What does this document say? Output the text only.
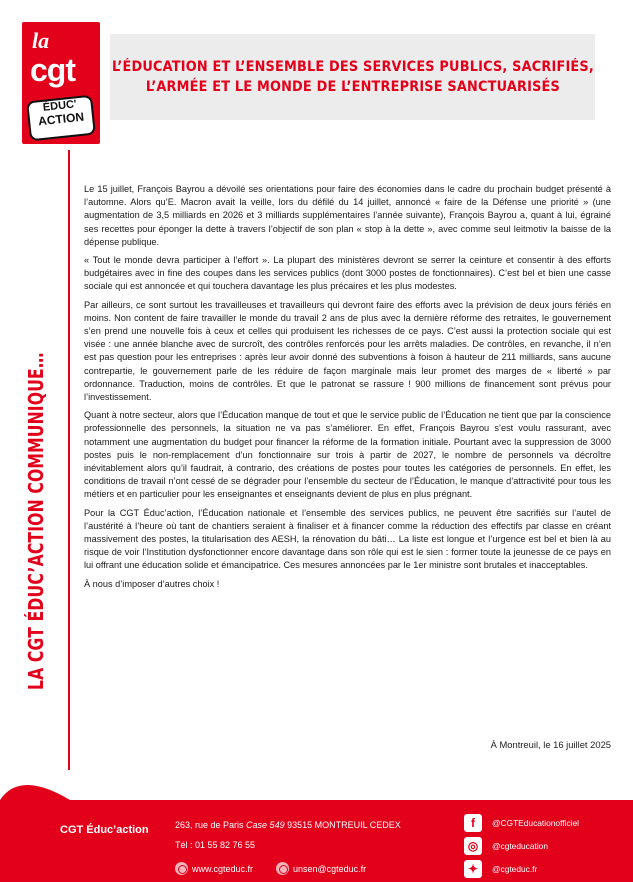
la
cgt
ÉDUC'
ACTION
L’ÉDUCATION ET L’ENSEMBLE DES SERVICES PUBLICS, SACRIFIÉS,
L’ARMÉE ET LE MONDE DE L’ENTREPRISE SANCTUARISÉS
LA CGT ÉDUC’ACTION COMMUNIQUE…

Le 15 juillet, François Bayrou a dévoilé ses orientations pour faire des économies dans le cadre du prochain budget présenté à l’automne. Alors qu’E. Macron avait la veille, lors du défilé du 14 juillet, annoncé « faire de la Défense une priorité » (une augmentation de 3,5 milliards en 2026 et 3 milliards supplémentaires l’année suivante), François Bayrou a, quant à lui, égrainé ses recettes pour éponger la dette à travers l’objectif de son plan « stop à la dette », avec comme seul leitmotiv la baisse de la dépense publique.

« Tout le monde devra participer à l’effort ». La plupart des ministères devront se serrer la ceinture et consentir à des efforts budgétaires avec in fine des coupes dans les services publics (dont 3000 postes de fonctionnaires). C’est bel et bien une casse sociale qui est annoncée et qui touchera davantage les plus précaires et les plus modestes.

Par ailleurs, ce sont surtout les travailleuses et travailleurs qui devront faire des efforts avec la prévision de deux jours fériés en moins. Non content de faire travailler le monde du travail 2 ans de plus avec la dernière réforme des retraites, le gouvernement s’en prend une nouvelle fois à ceux et celles qui produisent les richesses de ce pays. C’est aussi la protection sociale qui est visée : une année blanche avec de surcroît, des contrôles renforcés pour les arrêts maladies. De contrôles, en revanche, il n’en est pas question pour les entreprises : après leur avoir donné des subventions à foison à hauteur de 211 milliards, sans aucune contrepartie, le gouvernement parle de les réduire de façon marginale mais leur promet des marges de « liberté » par ordonnance. Traduction, moins de contrôles. Et que le patronat se rassure ! 900 millions de financement sont prévus pour l’investissement.

Quant à notre secteur, alors que l’Éducation manque de tout et que le service public de l’Éducation ne tient que par la conscience professionnelle des personnels, la situation ne va pas s’améliorer. En effet, François Bayrou s’est voulu rassurant, avec notamment une augmentation du budget pour financer la réforme de la formation initiale. Pourtant avec la suppression de 3000 postes puis le non-remplacement d’un fonctionnaire sur trois à partir de 2027, le nombre de personnels va décroître inévitablement alors qu’il faudrait, à contrario, des créations de postes pour toutes les catégories de personnels. En effet, les conditions de travail n’ont cessé de se dégrader pour l’ensemble du secteur de l’Éducation, le manque d’attractivité pour tous les métiers et en particulier pour les enseignantes et enseignants devient de plus en plus prégnant.

Pour la CGT Éduc’action, l’Éducation nationale et l’ensemble des services publics, ne peuvent être sacrifiés sur l’autel de l’austérité à l’heure où tant de chantiers seraient à finaliser et à financer comme la réduction des effectifs par classe en créant massivement des postes, la titularisation des AESH, la rénovation du bâti… La liste est longue et l’urgence est bel et bien là au risque de voir l’Institution dysfonctionner encore davantage dans son rôle qui est le sien : former toute la jeunesse de ce pays en lui offrant une éducation solide et émancipatrice. Ces mesures annoncées par le 1er ministre sont brutales et inacceptables.

À nous d’imposer d’autres choix !

À Montreuil, le 16 juillet 2025
CGT Éduc’action	263, rue de Paris Case 549 93515 MONTREUIL CEDEX
Tél : 01 55 82 76 55
www.cgteduc.fr	unsen@cgteduc.fr
f	@CGTEducationofficiel
◎	@cgteducation
✦	@cgteduc.fr
